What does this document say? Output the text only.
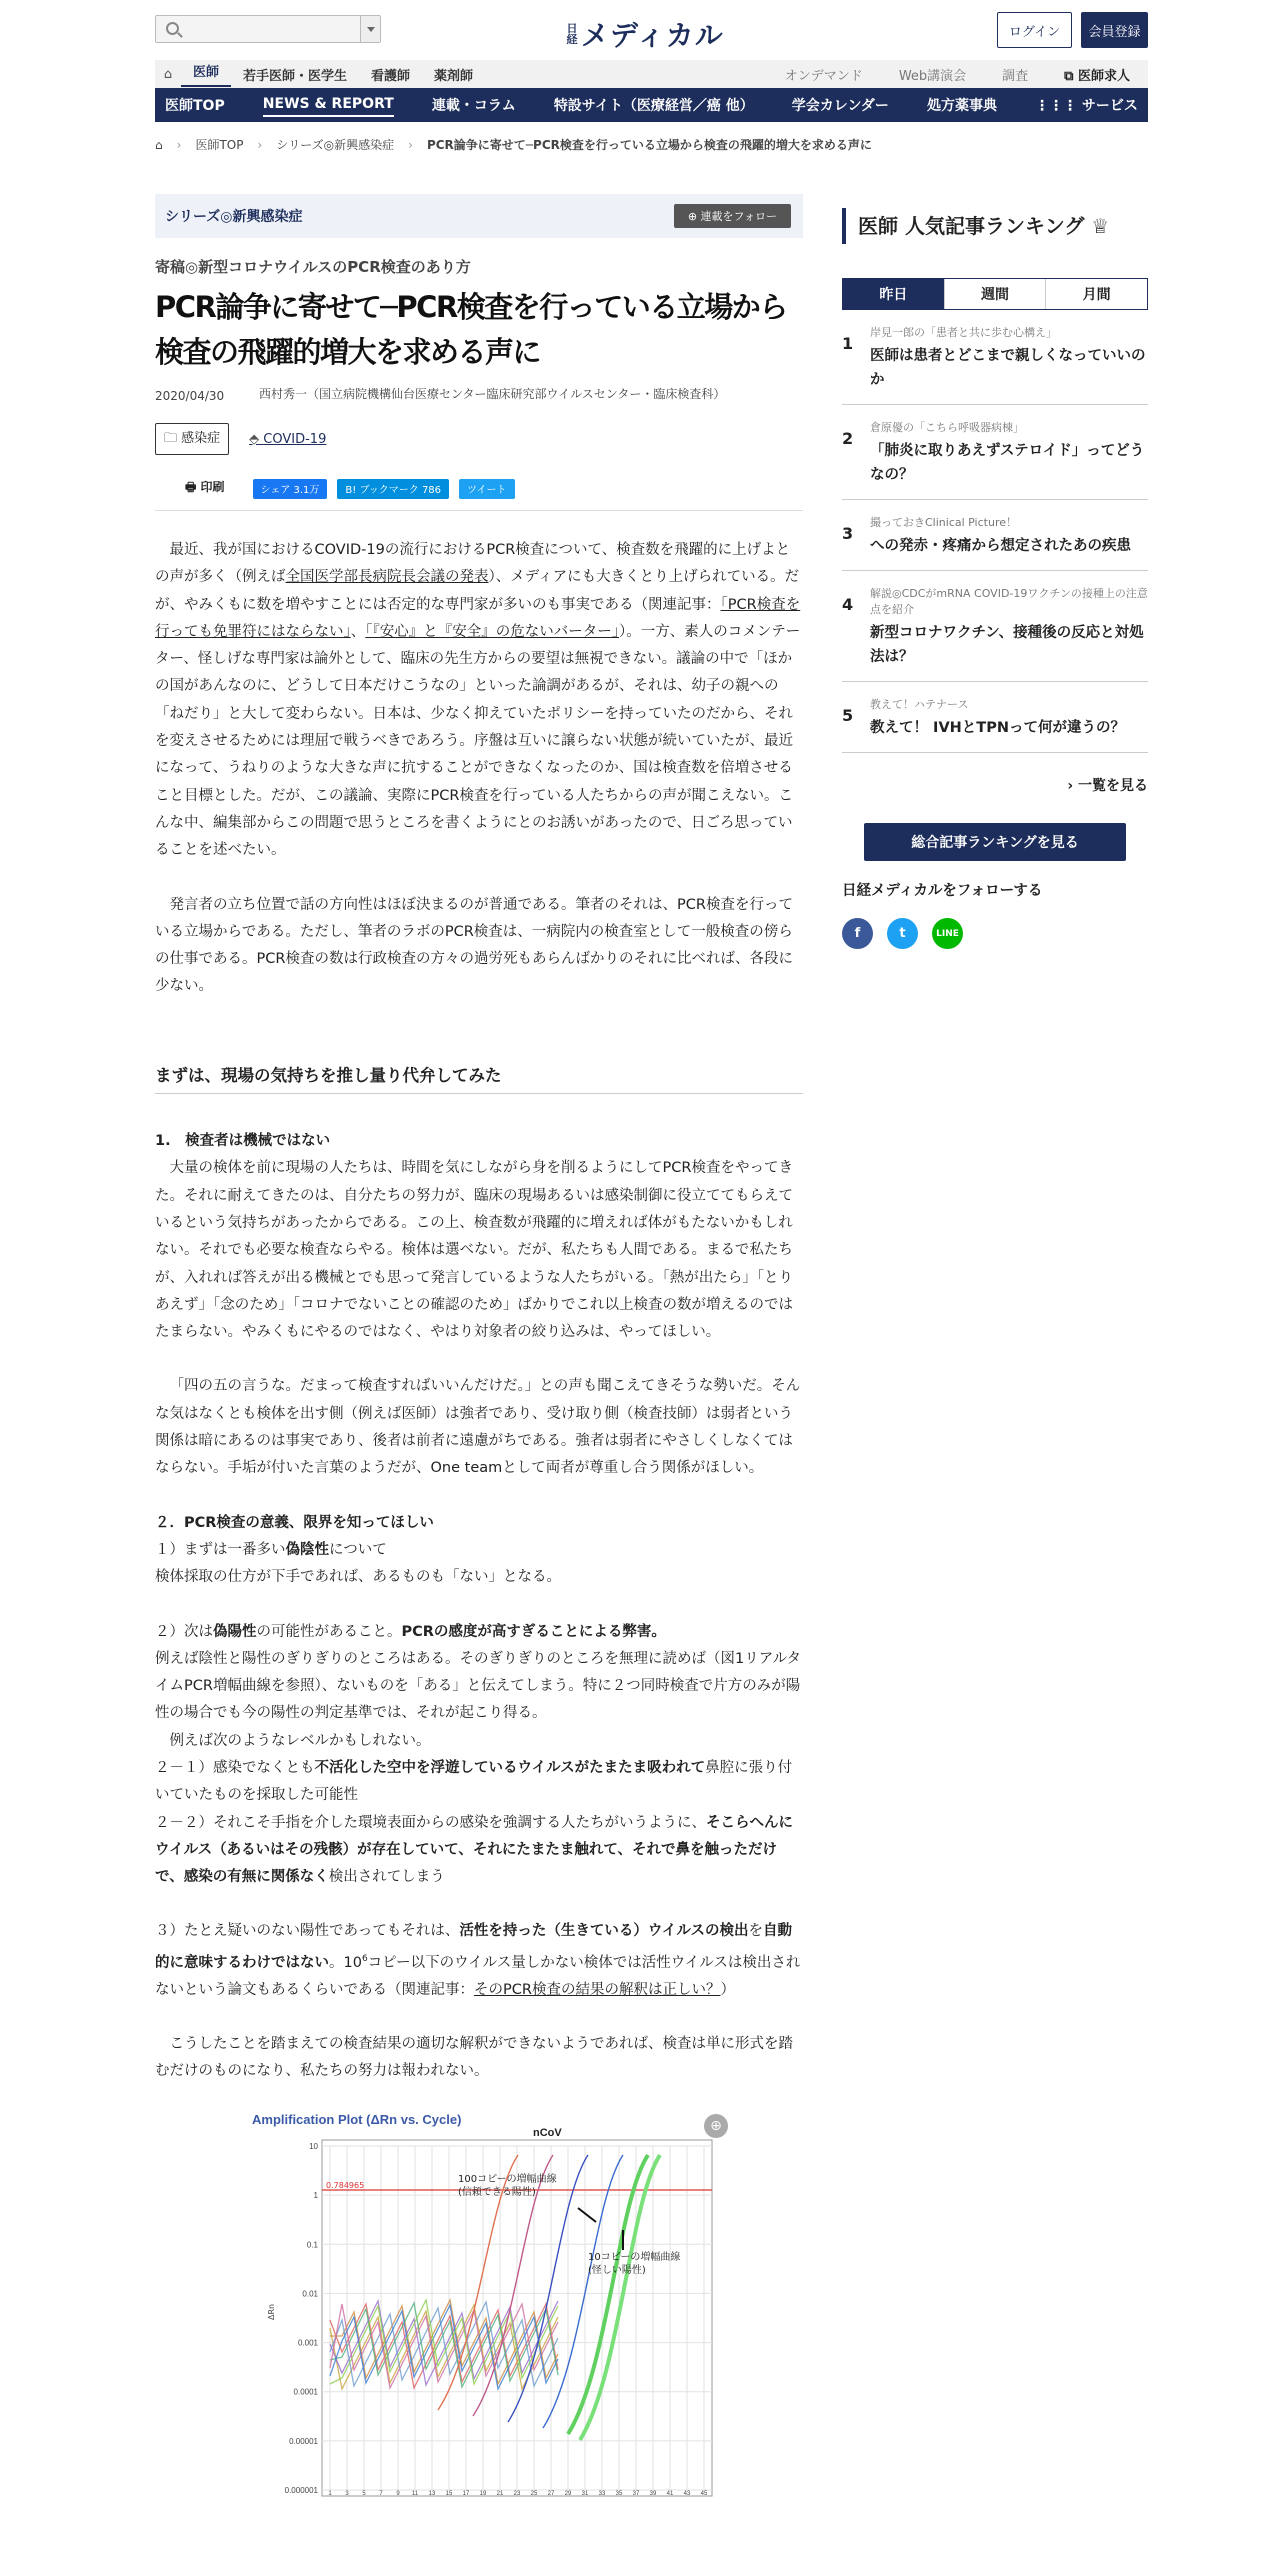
日経 メディカル	ログイン	会員登録
⌂	医師	若手医師・医学生	看護師	薬剤師	オンデマンド	Web講演会	調査	⧉ 医師求人
医師TOP	NEWS & REPORT	連載・コラム	特設サイト（医療経営／癌 他）	学会カレンダー	処方薬事典	⋮⋮⋮ サービス
⌂ › 医師TOP › シリーズ◎新興感染症 › PCR論争に寄せて─PCR検査を行っている立場から検査の飛躍的増大を求める声に
シリーズ◎新興感染症	⊕ 連載をフォロー
寄稿◎新型コロナウイルスのPCR検査のあり方
PCR論争に寄せて─PCR検査を行っている立場から検査の飛躍的増大を求める声に
2020/04/30	西村秀一（国立病院機構仙台医療センター臨床研究部ウイルスセンター・臨床検査科）
🗀 感染症	⬘ COVID-19
🖶 印刷	シェア 3.1万	B! ブックマーク 786	ツイート

最近、我が国におけるCOVID-19の流行におけるPCR検査について、検査数を飛躍的に上げよとの声が多く（例えば全国医学部長病院長会議の発表）、メディアにも大きくとり上げられている。だが、やみくもに数を増やすことには否定的な専門家が多いのも事実である（関連記事：「PCR検査を行っても免罪符にはならない」、「『安心』と『安全』の危ないバーター」）。一方、素人のコメンテーター、怪しげな専門家は論外として、臨床の先生方からの要望は無視できない。議論の中で「ほかの国があんなのに、どうして日本だけこうなの」といった論調があるが、それは、幼子の親への「ねだり」と大して変わらない。日本は、少なく抑えていたポリシーを持っていたのだから、それを変えさせるためには理屈で戦うべきであろう。序盤は互いに譲らない状態が続いていたが、最近になって、うねりのような大きな声に抗することができなくなったのか、国は検査数を倍増させること目標とした。だが、この議論、実際にPCR検査を行っている人たちからの声が聞こえない。こんな中、編集部からこの問題で思うところを書くようにとのお誘いがあったので、日ごろ思っていることを述べたい。

発言者の立ち位置で話の方向性はほぼ決まるのが普通である。筆者のそれは、PCR検査を行っている立場からである。ただし、筆者のラボのPCR検査は、一病院内の検査室として一般検査の傍らの仕事である。PCR検査の数は行政検査の方々の過労死もあらんばかりのそれに比べれば、各段に少ない。

まずは、現場の気持ちを推し量り代弁してみた
1.　検査者は機械ではない

大量の検体を前に現場の人たちは、時間を気にしながら身を削るようにしてPCR検査をやってきた。それに耐えてきたのは、自分たちの努力が、臨床の現場あるいは感染制御に役立ててもらえているという気持ちがあったからである。この上、検査数が飛躍的に増えれば体がもたないかもしれない。それでも必要な検査ならやる。検体は選べない。だが、私たちも人間である。まるで私たちが、入れれば答えが出る機械とでも思って発言しているような人たちがいる。「熱が出たら」「とりあえず」「念のため」「コロナでないことの確認のため」ばかりでこれ以上検査の数が増えるのではたまらない。やみくもにやるのではなく、やはり対象者の絞り込みは、やってほしい。

「四の五の言うな。だまって検査すればいいんだけだ。」との声も聞こえてきそうな勢いだ。そんな気はなくとも検体を出す側（例えば医師）は強者であり、受け取り側（検査技師）は弱者という関係は暗にあるのは事実であり、後者は前者に遠慮がちである。強者は弱者にやさしくしなくてはならない。手垢が付いた言葉のようだが、One teamとして両者が尊重し合う関係がほしい。

２．PCR検査の意義、限界を知ってほしい
１）まずは一番多い偽陰性について
検体採取の仕方が下手であれば、あるものも「ない」となる。
２）次は偽陽性の可能性があること。PCRの感度が高すぎることによる弊害。
例えば陰性と陽性のぎりぎりのところはある。そのぎりぎりのところを無理に読めば（図1リアルタイムPCR増幅曲線を参照）、ないものを「ある」と伝えてしまう。特に２つ同時検査で片方のみが陽性の場合でも今の陽性の判定基準では、それが起こり得る。

例えば次のようなレベルかもしれない。

２－１）感染でなくとも不活化した空中を浮遊しているウイルスがたまたま吸われて鼻腔に張り付いていたものを採取した可能性
２－２）それこそ手指を介した環境表面からの感染を強調する人たちがいうように、そこらへんにウイルス（あるいはその残骸）が存在していて、それにたまたま触れて、それで鼻を触っただけで、感染の有無に関係なく検出されてしまう
３）たとえ疑いのない陽性であってもそれは、活性を持った（生きている）ウイルスの検出を自動的に意味するわけではない。$10^6$コピー以下のウイルス量しかない検体では活性ウイルスは検出されないという論文もあるくらいである（関連記事：そのPCR検査の結果の解釈は正しい？）

こうしたことを踏まえての検査結果の適切な解釈ができないようであれば、検査は単に形式を踏むだけのものになり、私たちの努力は報われない。

Amplification Plot (ΔRn vs. Cycle)
nCoV
10
1
0.1
0.01
0.001
0.0001
0.00001
0.000001 1 3 5 7 9 11 13 15 17 19 21 23 25 27 29 31 33 35 37 39 41 43 45
ΔRn
0.784965
100コピーの増幅曲線
(信頼できる陽性)
10コピーの増幅曲線
(怪しい陽性)
⊕
医師 人気記事ランキング ♕
昨日	週間	月間
1
岸見一郎の「患者と共に歩む心構え」
医師は患者とどこまで親しくなっていいのか
2
倉原優の「こちら呼吸器病棟」
「肺炎に取りあえずステロイド」ってどうなの？
3
撮っておきClinical Picture！
への発赤・疼痛から想定されたあの疾患
4
解説◎CDCがmRNA COVID-19ワクチンの接種上の注意点を紹介
新型コロナワクチン、接種後の反応と対処法は？
5
教えて！ハテナース
教えて！ IVHとTPNって何が違うの？
› 一覧を見る
総合記事ランキングを見る
日経メディカルをフォローする
f	t	LINE
